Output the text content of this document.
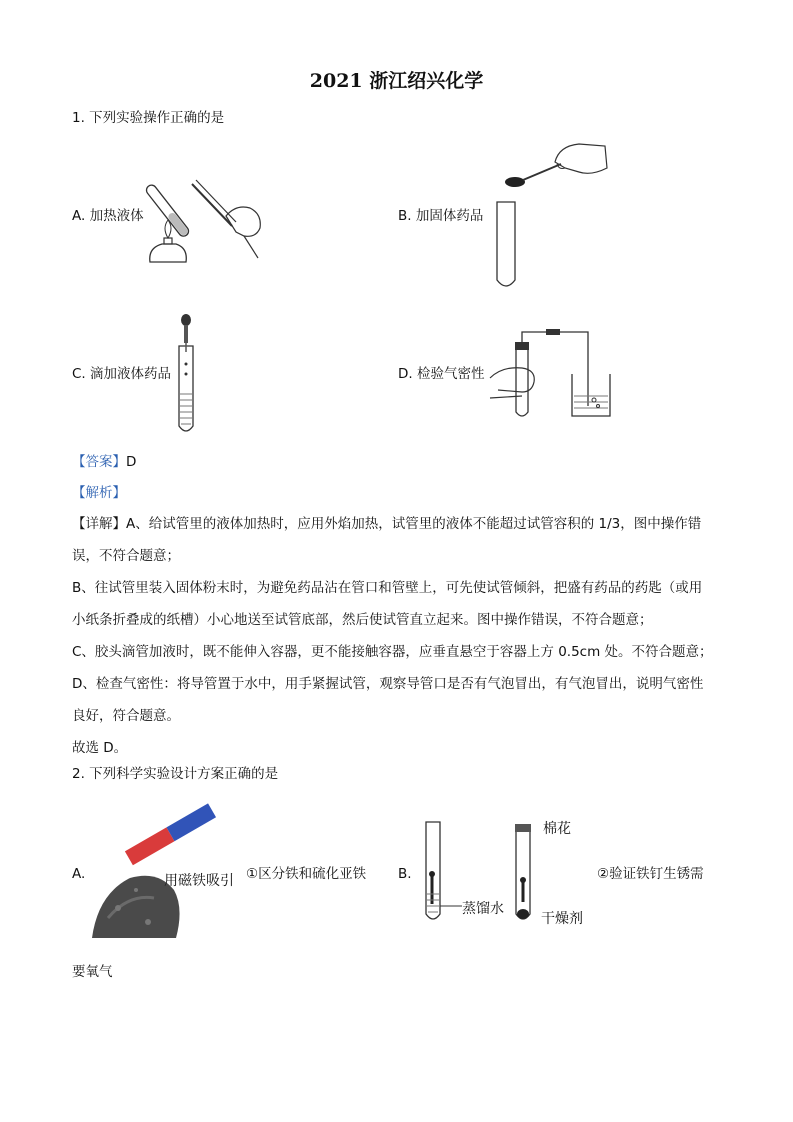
2021 浙江绍兴化学
1. 下列实验操作正确的是
A. 加热液体	B. 加固体药品
C. 滴加液体药品	D. 检验气密性
【答案】D
【解析】
【详解】A、给试管里的液体加热时，应用外焰加热，试管里的液体不能超过试管容积的 1/3，图中操作错
误，不符合题意；
B、往试管里装入固体粉末时，为避免药品沾在管口和管壁上，可先使试管倾斜，把盛有药品的药匙（或用
小纸条折叠成的纸槽）小心地送至试管底部，然后使试管直立起来。图中操作错误，不符合题意；
C、胶头滴管加液时，既不能伸入容器，更不能接触容器，应垂直悬空于容器上方 0.5cm 处。不符合题意；
D、检查气密性：将导管置于水中，用手紧握试管，观察导管口是否有气泡冒出，有气泡冒出，说明气密性
良好，符合题意。
故选 D。
2. 下列科学实验设计方案正确的是
A.	用磁铁吸引 ①区分铁和硫化亚铁 B.
棉花
蒸馏水
干燥剂
②验证铁钉生锈需
要氧气
